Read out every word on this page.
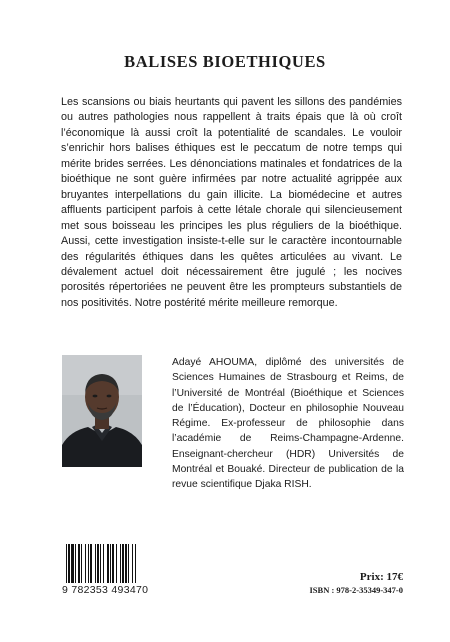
BALISES BIOETHIQUES

Les scansions ou biais heurtants qui pavent les sillons des pandémies ou autres pathologies nous rappellent à traits épais que là où croît l’économique là aussi croît la potentialité de scandales. Le vouloir s’enrichir hors balises éthiques est le peccatum de notre temps qui mérite brides serrées. Les dénonciations matinales et fondatrices de la bioéthique ne sont guère infirmées par notre actualité agrippée aux bruyantes interpellations du gain illicite. La biomédecine et autres affluents participent parfois à cette létale chorale qui silencieusement met sous boisseau les principes les plus réguliers de la bioéthique. Aussi, cette investigation insiste-t-elle sur le caractère incontournable des régularités éthiques dans les quêtes articulées au vivant. Le dévalement actuel doit nécessairement être jugulé ; les nocives porosités répertoriées ne peuvent être les prompteurs substantiels de nos positivités. Notre postérité mérite meilleure remorque.

Adayé AHOUMA, diplômé des universités de Sciences Humaines de Strasbourg et Reims, de l’Université de Montréal (Bioéthique et Sciences de l’Éducation), Docteur en philosophie Nouveau Régime. Ex-professeur de philosophie dans l’académie de Reims-Champagne-Ardenne. Enseignant-chercheur (HDR) Universités de Montréal et Bouaké. Directeur de publication de la revue scientifique Djaka RISH.

9 782353 493470
Prix: 17€
ISBN : 978-2-35349-347-0
